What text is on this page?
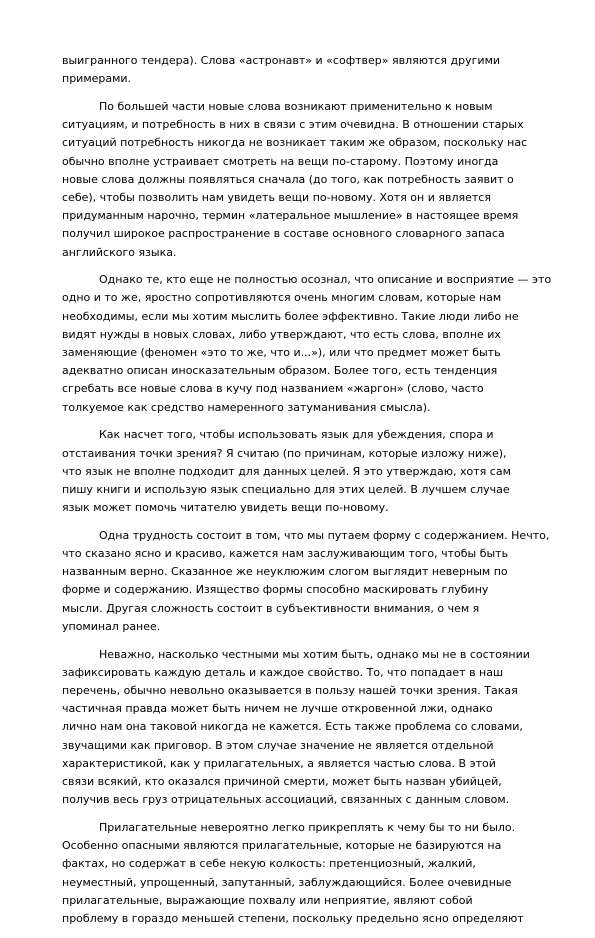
выигранного тендера). Слова «астронавт» и «софтвер» являются другими
примерами.

По большей части новые слова возникают применительно к новым
ситуациям, и потребность в них в связи с этим очевидна. В отношении старых
ситуаций потребность никогда не возникает таким же образом, поскольку нас
обычно вполне устраивает смотреть на вещи по-старому. Поэтому иногда
новые слова должны появляться сначала (до того, как потребность заявит о
себе), чтобы позволить нам увидеть вещи по-новому. Хотя он и является
придуманным нарочно, термин «латеральное мышление» в настоящее время
получил широкое распространение в составе основного словарного запаса
английского языка.

Однако те, кто еще не полностью осознал, что описание и восприятие — это
одно и то же, яростно сопротивляются очень многим словам, которые нам
необходимы, если мы хотим мыслить более эффективно. Такие люди либо не
видят нужды в новых словах, либо утверждают, что есть слова, вполне их
заменяющие (феномен «это то же, что и...»), или что предмет может быть
адекватно описан иносказательным образом. Более того, есть тенденция
сгребать все новые слова в кучу под названием «жаргон» (слово, часто
толкуемое как средство намеренного затуманивания смысла).

Как насчет того, чтобы использовать язык для убеждения, спора и
отстаивания точки зрения? Я считаю (по причинам, которые изложу ниже),
что язык не вполне подходит для данных целей. Я это утверждаю, хотя сам
пишу книги и использую язык специально для этих целей. В лучшем случае
язык может помочь читателю увидеть вещи по-новому.

Одна трудность состоит в том, что мы путаем форму с содержанием. Нечто,
что сказано ясно и красиво, кажется нам заслуживающим того, чтобы быть
названным верно. Сказанное же неуклюжим слогом выглядит неверным по
форме и содержанию. Изящество формы способно маскировать глубину
мысли. Другая сложность состоит в субъективности внимания, о чем я
упоминал ранее.

Неважно, насколько честными мы хотим быть, однако мы не в состоянии
зафиксировать каждую деталь и каждое свойство. То, что попадает в наш
перечень, обычно невольно оказывается в пользу нашей точки зрения. Такая
частичная правда может быть ничем не лучше откровенной лжи, однако
лично нам она таковой никогда не кажется. Есть также проблема со словами,
звучащими как приговор. В этом случае значение не является отдельной
характеристикой, как у прилагательных, а является частью слова. В этой
связи всякий, кто оказался причиной смерти, может быть назван убийцей,
получив весь груз отрицательных ассоциаций, связанных с данным словом.

Прилагательные невероятно легко прикреплять к чему бы то ни было.
Особенно опасными являются прилагательные, которые не базируются на
фактах, но содержат в себе некую колкость: претенциозный, жалкий,
неуместный, упрощенный, запутанный, заблуждающийся. Более очевидные
прилагательные, выражающие похвалу или неприятие, являют собой
проблему в гораздо меньшей степени, поскольку предельно ясно определяют
